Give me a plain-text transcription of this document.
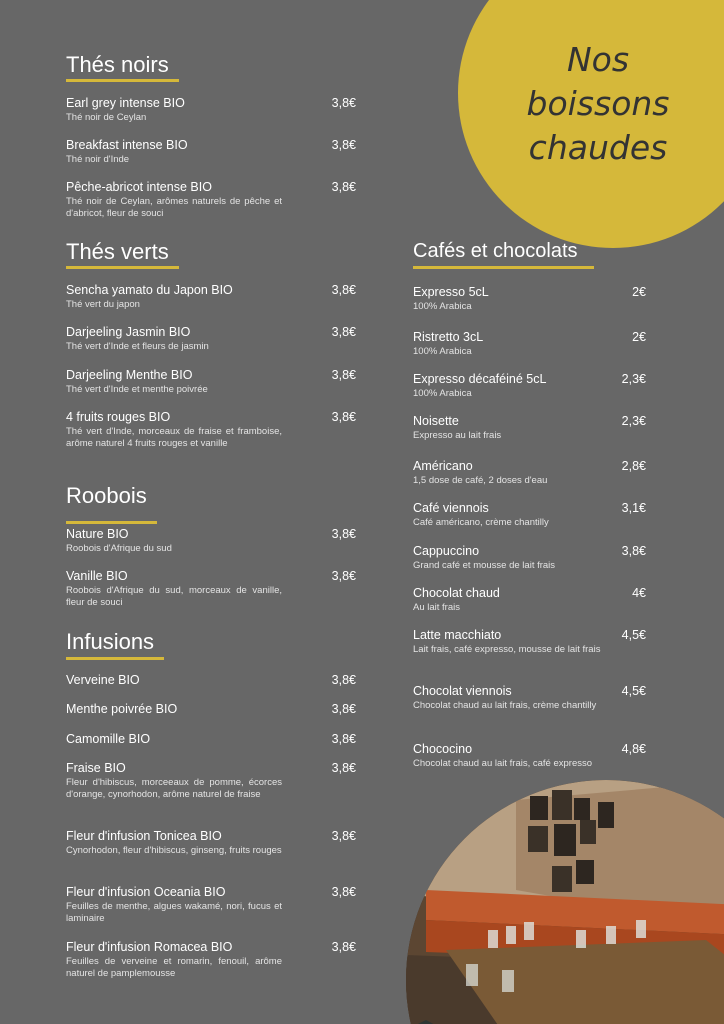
Nos
boissons
chaudes
Thés noirs
Earl grey intense BIO
Thé noir de Ceylan
3,8€
Breakfast intense BIO
Thé noir d'Inde
3,8€
Pêche-abricot intense BIO
Thé noir de Ceylan, arômes naturels de pêche et d'abricot, fleur de souci
3,8€
Thés verts
Sencha yamato du Japon BIO
Thé vert du japon
3,8€
Darjeeling Jasmin BIO
Thé vert d'Inde et fleurs de jasmin
3,8€
Darjeeling Menthe BIO
Thé vert d'Inde et menthe poivrée
3,8€
4 fruits rouges BIO
Thé vert d'Inde, morceaux de fraise et framboise, arôme naturel 4 fruits rouges et vanille
3,8€
Roobois
Nature BIO
Roobois d'Afrique du sud
3,8€
Vanille BIO
Roobois d'Afrique du sud, morceaux de vanille, fleur de souci
3,8€
Infusions
Verveine BIO	3,8€
Menthe poivrée BIO	3,8€
Camomille BIO	3,8€
Fraise BIO
Fleur d'hibiscus, morceeaux de pomme, écorces d'orange, cynorhodon, arôme naturel de fraise
3,8€
Fleur d'infusion Tonicea BIO
Cynorhodon, fleur d'hibiscus, ginseng, fruits rouges
3,8€
Fleur d'infusion Oceania BIO
Feuilles de menthe, algues wakamé, nori, fucus et laminaire
3,8€
Fleur d'infusion Romacea BIO
Feuilles de verveine et romarin, fenouil, arôme naturel de pamplemousse
3,8€
Cafés et chocolats
Expresso 5cL
100% Arabica
2€
Ristretto 3cL
100% Arabica
2€
Expresso décaféiné 5cL
100% Arabica
2,3€
Noisette
Expresso au lait frais
2,3€
Américano
1,5 dose de café, 2 doses d'eau
2,8€
Café viennois
Café américano, crème chantilly
3,1€
Cappuccino
Grand café et mousse de lait frais
3,8€
Chocolat chaud
Au lait frais
4€
Latte macchiato
Lait frais, café expresso, mousse de lait frais
4,5€
Chocolat viennois
Chocolat chaud au lait frais, crème chantilly
4,5€
Chococino
Chocolat chaud au lait frais, café expresso
4,8€
